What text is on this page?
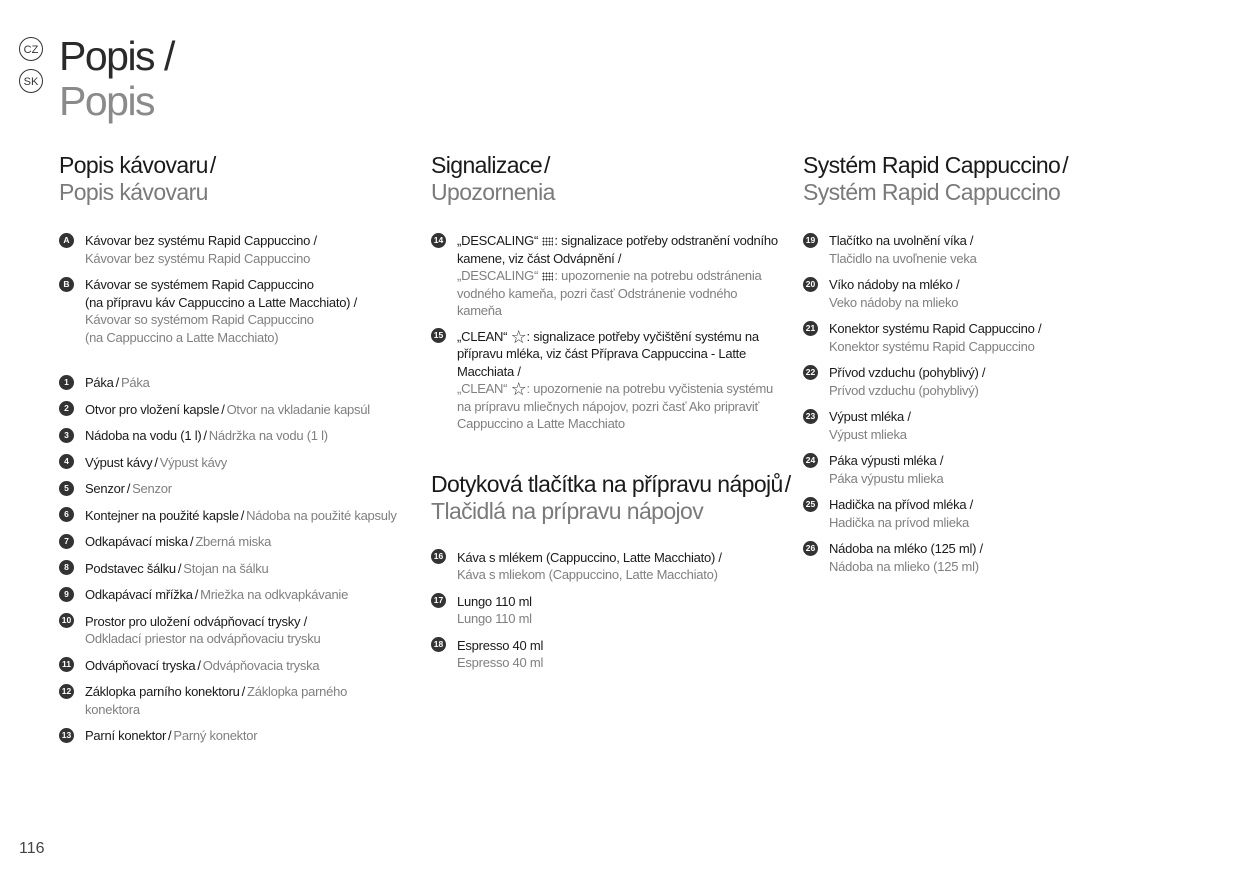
CZ
SK
Popis /
Popis
Popis kávovaru/
Popis kávovaru
A	Kávovar bez systému Rapid Cappuccino /
Kávovar bez systému Rapid Cappuccino
B	Kávovar se systémem Rapid Cappuccino
(na přípravu káv Cappuccino a Latte Macchiato) /
Kávovar so systémom Rapid Cappuccino
(na Cappuccino a Latte Macchiato)
1	Páka / Páka
2	Otvor pro vložení kapsle / Otvor na vkladanie kapsúl
3	Nádoba na vodu (1 l) / Nádržka na vodu (1 l)
4	Výpust kávy / Výpust kávy
5	Senzor / Senzor
6	Kontejner na použité kapsle / Nádoba na použité kapsuly
7	Odkapávací miska / Zberná miska
8	Podstavec šálku / Stojan na šálku
9	Odkapávací mřížka / Mriežka na odkvapkávanie
10 Prostor pro uložení odvápňovací trysky /
Odkladací priestor na odvápňovaciu trysku
11 Odvápňovací tryska / Odvápňovacia tryska
12 Záklopka parního konektoru / Záklopka parného konektora
13 Parní konektor / Parný konektor
Signalizace/
Upozornenia
14 „DESCALING“ : signalizace potřeby odstranění vodního
kamene, viz část Odvápnění /
„DESCALING“ : upozornenie na potrebu odstránenia
vodného kameňa, pozri časť Odstránenie vodného kameňa
15 „CLEAN“ ☆: signalizace potřeby vyčištění systému na
přípravu mléka, viz část Příprava Cappuccina - Latte
Macchiata /
„CLEAN“ ☆: upozornenie na potrebu vyčistenia systému
na prípravu mliečnych nápojov, pozri časť Ako pripraviť
Cappuccino a Latte Macchiato
Dotyková tlačítka na přípravu nápojů/
Tlačidlá na prípravu nápojov
16 Káva s mlékem (Cappuccino, Latte Macchiato) /
Káva s mliekom (Cappuccino, Latte Macchiato)
17 Lungo 110 ml
Lungo 110 ml
18 Espresso 40 ml
Espresso 40 ml
Systém Rapid Cappuccino/
Systém Rapid Cappuccino
19 Tlačítko na uvolnění víka /
Tlačidlo na uvoľnenie veka
20 Víko nádoby na mléko /
Veko nádoby na mlieko
21 Konektor systému Rapid Cappuccino /
Konektor systému Rapid Cappuccino
22 Přívod vzduchu (pohyblivý) /
Prívod vzduchu (pohyblivý)
23 Výpust mléka /
Výpust mlieka
24 Páka výpusti mléka /
Páka výpustu mlieka
25 Hadička na přívod mléka /
Hadička na prívod mlieka
26 Nádoba na mléko (125 ml) /
Nádoba na mlieko (125 ml)
116
